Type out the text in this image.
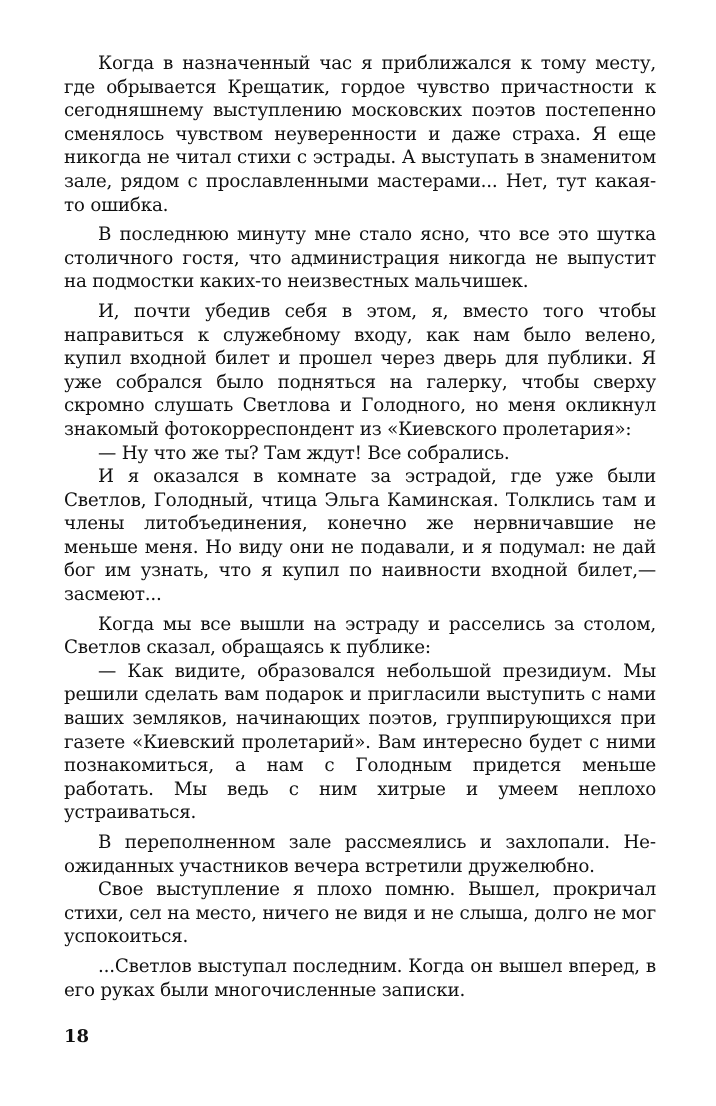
Когда в назначенный час я приближался к тому месту, где обрывается Крещатик, гордое чувство причастности к сегодняшнему выступлению московских поэтов постепенно сменялось чувством неуверенности и даже страха. Я еще никогда не читал стихи с эстрады. А выступать в знаменитом зале, рядом с прославленными мастерами... Нет, тут какая-то ошибка.

В последнюю минуту мне стало ясно, что все это шутка столичного гостя, что администрация никогда не выпустит на подмостки каких-то неизвестных мальчишек.

И, почти убедив себя в этом, я, вместо того чтобы направиться к служебному входу, как нам было велено, купил входной билет и прошел через дверь для публики. Я уже собрался было подняться на галерку, чтобы сверху скромно слушать Светлова и Голодного, но меня окликнул знакомый фотокорреспондент из «Киевского пролетария»:

— Ну что же ты? Там ждут! Все собрались.

И я оказался в комнате за эстрадой, где уже были Светлов, Голодный, чтица Эльга Каминская. Толклись там и члены литобъединения, конечно же нервничавшие не меньше меня. Но виду они не подавали, и я подумал: не дай бог им узнать, что я купил по наивности входной билет,— засмеют...

Когда мы все вышли на эстраду и расселись за столом, Светлов сказал, обращаясь к публике:

— Как видите, образовался небольшой президиум. Мы решили сделать вам подарок и пригласили выступить с нами ваших земляков, начинающих поэтов, группирующихся при газете «Киевский пролетарий». Вам интересно будет с ними познакомиться, а нам с Голодным придется меньше работать. Мы ведь с ним хитрые и умеем неплохо устраиваться.

В переполненном зале рассмеялись и захлопали. Неожиданных участников вечера встретили дружелюбно.

Свое выступление я плохо помню. Вышел, прокричал стихи, сел на место, ничего не видя и не слыша, долго не мог успокоиться.

...Светлов выступал последним. Когда он вышел вперед, в его руках были многочисленные записки.

18
